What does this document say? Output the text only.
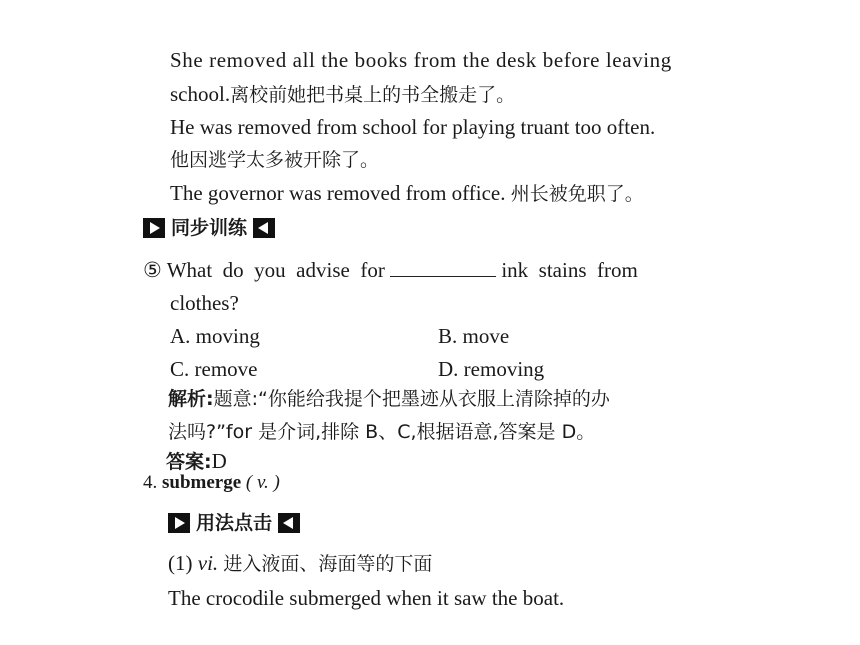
She removed all the books from the desk before leaving
school.离校前她把书桌上的书全搬走了。
He was removed from school for playing truant too often.
他因逃学太多被开除了。
The governor was removed from office. 州长被免职了。
同步训练
⑤ What  do  you  advise  for	ink  stains  from
clothes?
A. moving	B. move
C. remove	D. removing
解析:题意:“你能给我提个把墨迹从衣服上清除掉的办
法吗?”for 是介词,排除 B、C,根据语意,答案是 D。
答案:D
4. submerge ( v. )
用法点击
(1) vi. 进入液面、海面等的下面
The crocodile submerged when it saw the boat.
